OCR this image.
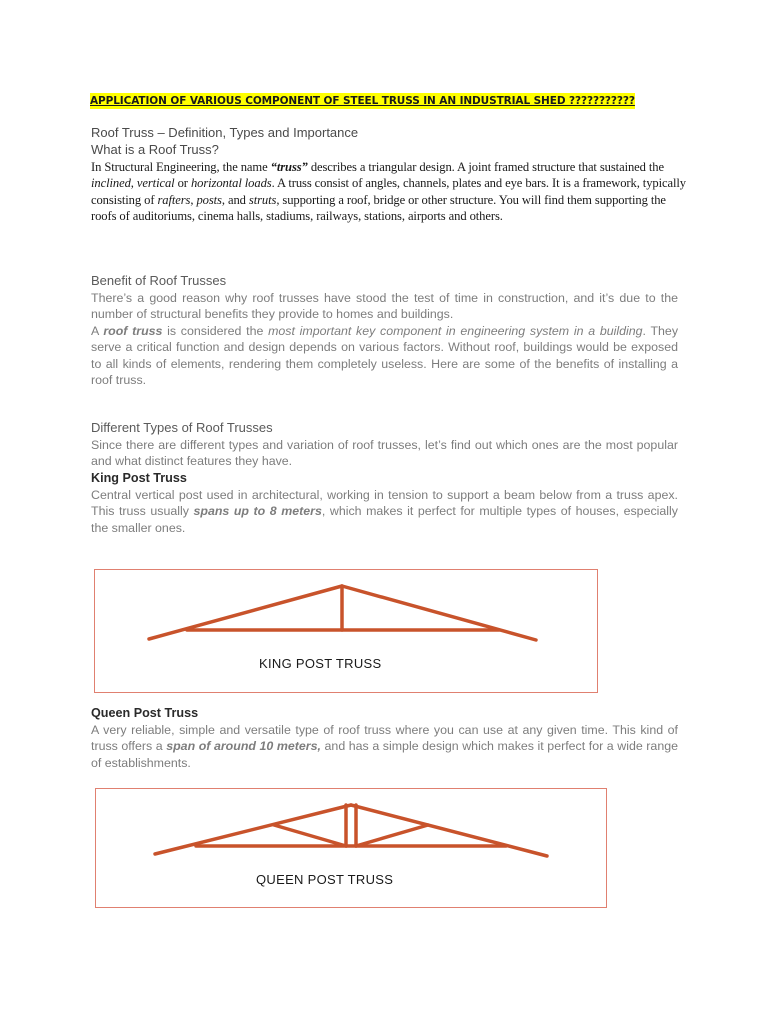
APPLICATION OF VARIOUS COMPONENT OF STEEL TRUSS IN AN INDUSTRIAL SHED ???????????

Roof Truss – Definition, Types and Importance

What is a Roof Truss?

In Structural Engineering, the name “truss” describes a triangular design. A joint framed structure that sustained the inclined, vertical or horizontal loads. A truss consist of angles, channels, plates and eye bars. It is a framework, typically consisting of rafters, posts, and struts, supporting a roof, bridge or other structure. You will find them supporting the roofs of auditoriums, cinema halls, stadiums, railways, stations, airports and others.

Benefit of Roof Trusses

There’s a good reason why roof trusses have stood the test of time in construction, and it’s due to the number of structural benefits they provide to homes and buildings.

A roof truss is considered the most important key component in engineering system in a building. They serve a critical function and design depends on various factors. Without roof, buildings would be exposed to all kinds of elements, rendering them completely useless. Here are some of the benefits of installing a roof truss.

Different Types of Roof Trusses

Since there are different types and variation of roof trusses, let’s find out which ones are the most popular and what distinct features they have.

King Post Truss

Central vertical post used in architectural, working in tension to support a beam below from a truss apex. This truss usually spans up to 8 meters, which makes it perfect for multiple types of houses, especially the smaller ones.

KING POST TRUSS

Queen Post Truss

A very reliable, simple and versatile type of roof truss where you can use at any given time. This kind of truss offers a span of around 10 meters, and has a simple design which makes it perfect for a wide range of establishments.

QUEEN POST TRUSS
